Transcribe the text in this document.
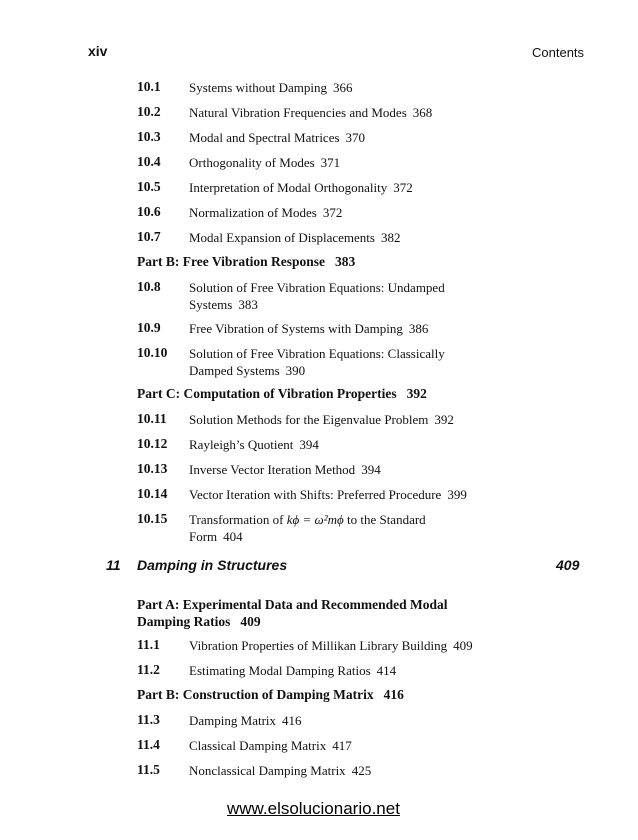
xiv	Contents
10.1 Systems without Damping 366
10.2 Natural Vibration Frequencies and Modes 368
10.3 Modal and Spectral Matrices 370
10.4 Orthogonality of Modes 371
10.5 Interpretation of Modal Orthogonality 372
10.6 Normalization of Modes 372
10.7 Modal Expansion of Displacements 382
Part B: Free Vibration Response 383
10.8 Solution of Free Vibration Equations: Undamped
Systems 383
10.9 Free Vibration of Systems with Damping 386
10.10 Solution of Free Vibration Equations: Classically
Damped Systems 390
Part C: Computation of Vibration Properties 392
10.11 Solution Methods for the Eigenvalue Problem 392
10.12 Rayleigh’s Quotient 394
10.13 Inverse Vector Iteration Method 394
10.14 Vector Iteration with Shifts: Preferred Procedure 399
10.15 Transformation of kϕ = ω²mϕ to the Standard
Form 404
11 Damping in Structures	409
Part A: Experimental Data and Recommended Modal
Damping Ratios 409
11.1 Vibration Properties of Millikan Library Building 409
11.2 Estimating Modal Damping Ratios 414
Part B: Construction of Damping Matrix 416
11.3 Damping Matrix 416
11.4 Classical Damping Matrix 417
11.5 Nonclassical Damping Matrix 425
www.elsolucionario.net
